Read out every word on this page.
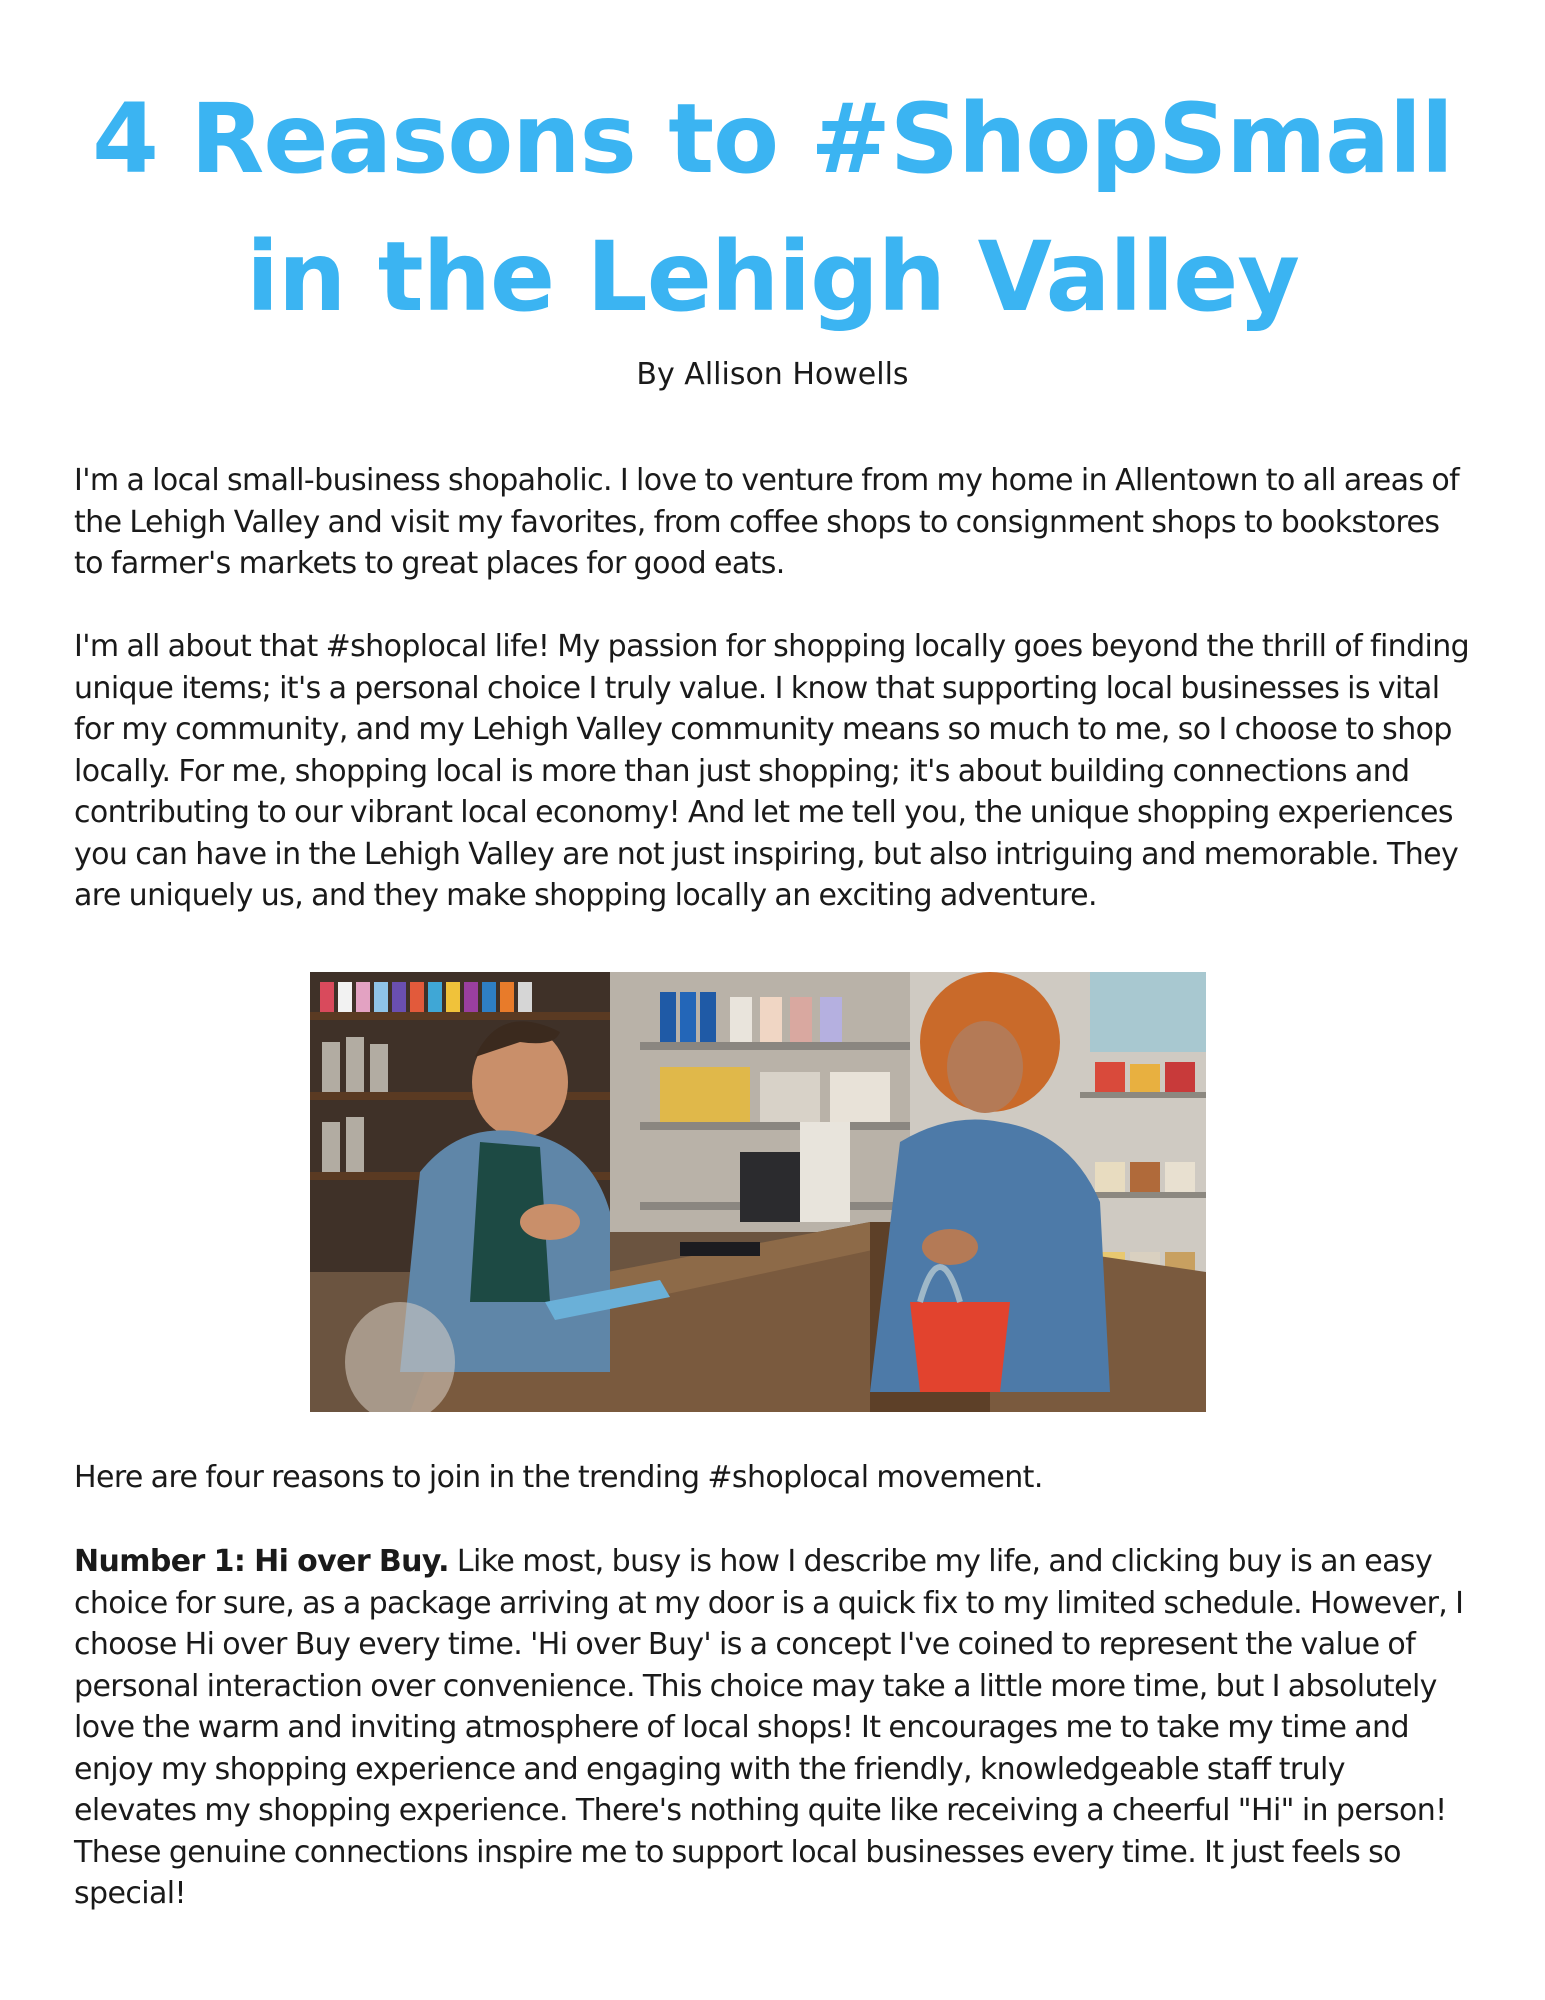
4 Reasons to #ShopSmall
in the Lehigh Valley
By Allison Howells

I'm a local small-business shopaholic. I love to venture from my home in Allentown to all areas of the Lehigh Valley and visit my favorites, from coffee shops to consignment shops to bookstores to farmer's markets to great places for good eats.

I'm all about that #shoplocal life! My passion for shopping locally goes beyond the thrill of finding unique items; it's a personal choice I truly value. I know that supporting local businesses is vital for my community, and my Lehigh Valley community means so much to me, so I choose to shop locally. For me, shopping local is more than just shopping; it's about building connections and contributing to our vibrant local economy! And let me tell you, the unique shopping experiences you can have in the Lehigh Valley are not just inspiring, but also intriguing and memorable. They are uniquely us, and they make shopping locally an exciting adventure.

Here are four reasons to join in the trending #shoplocal movement.

Number 1: Hi over Buy. Like most, busy is how I describe my life, and clicking buy is an easy choice for sure, as a package arriving at my door is a quick fix to my limited schedule. However, I choose Hi over Buy every time. 'Hi over Buy' is a concept I've coined to represent the value of personal interaction over convenience. This choice may take a little more time, but I absolutely love the warm and inviting atmosphere of local shops! It encourages me to take my time and enjoy my shopping experience and engaging with the friendly, knowledgeable staff truly elevates my shopping experience. There's nothing quite like receiving a cheerful "Hi" in person! These genuine connections inspire me to support local businesses every time. It just feels so special!
